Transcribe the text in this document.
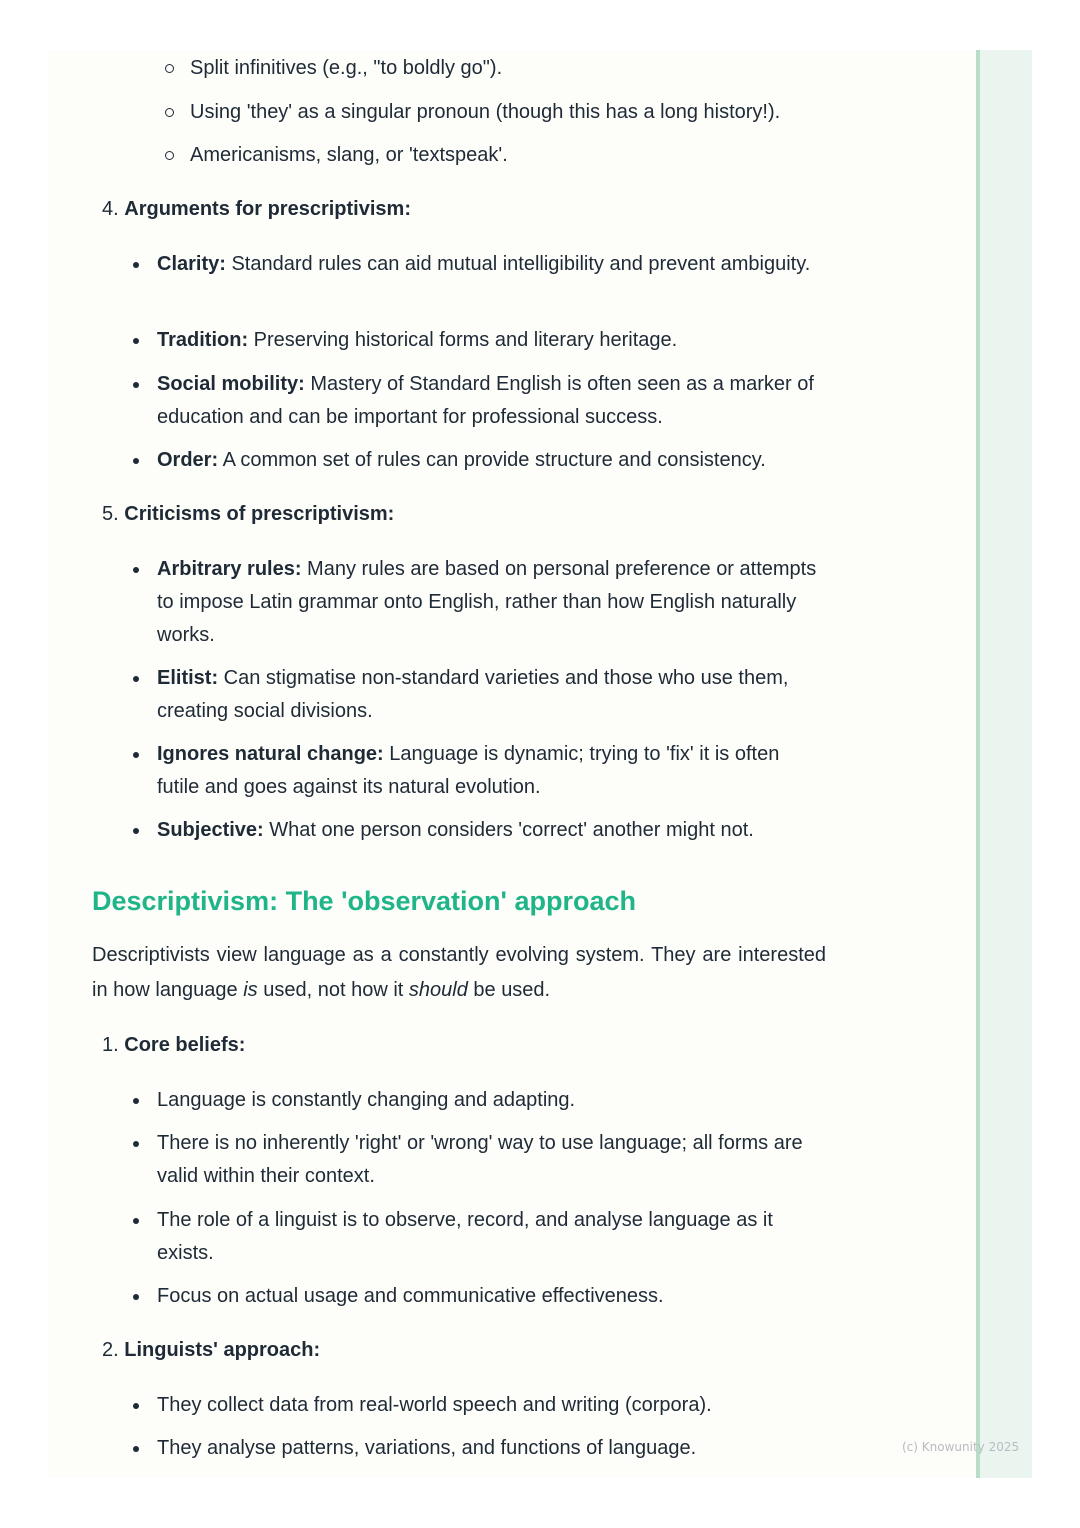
Split infinitives (e.g., "to boldly go").
Using 'they' as a singular pronoun (though this has a long history!).
Americanisms, slang, or 'textspeak'.
4. Arguments for prescriptivism:
Clarity: Standard rules can aid mutual intelligibility and prevent ambiguity.
Tradition: Preserving historical forms and literary heritage.
Social mobility: Mastery of Standard English is often seen as a marker of education and can be important for professional success.
Order: A common set of rules can provide structure and consistency.
5. Criticisms of prescriptivism:
Arbitrary rules: Many rules are based on personal preference or attempts to impose Latin grammar onto English, rather than how English naturally works.
Elitist: Can stigmatise non-standard varieties and those who use them, creating social divisions.
Ignores natural change: Language is dynamic; trying to 'fix' it is often futile and goes against its natural evolution.
Subjective: What one person considers 'correct' another might not.
Descriptivism: The 'observation' approach
Descriptivists view language as a constantly evolving system. They are interested in how language is used, not how it should be used.
1. Core beliefs:
Language is constantly changing and adapting.
There is no inherently 'right' or 'wrong' way to use language; all forms are valid within their context.
The role of a linguist is to observe, record, and analyse language as it exists.
Focus on actual usage and communicative effectiveness.
2. Linguists' approach:
They collect data from real-world speech and writing (corpora).
They analyse patterns, variations, and functions of language.	(c) Knowunity 2025
